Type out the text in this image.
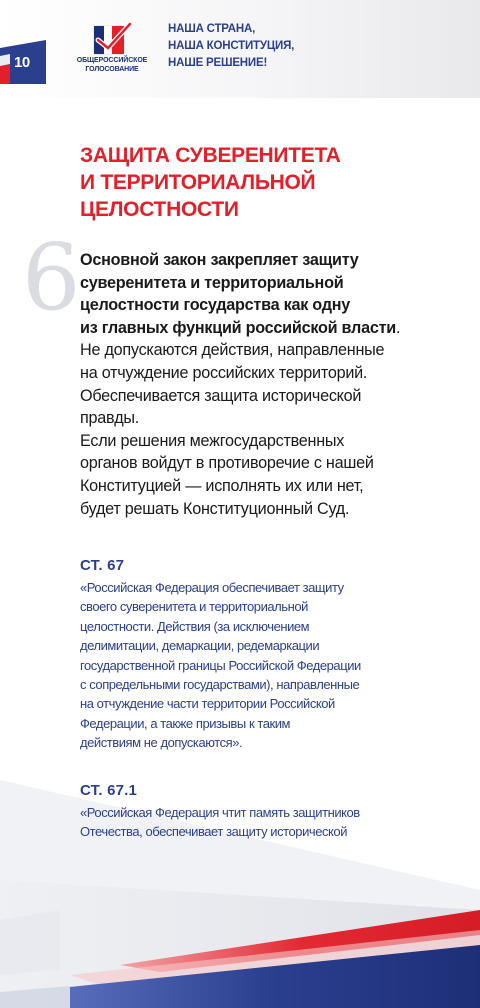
10	ОБЩЕРОССИЙСКОЕ
ГОЛОСОВАНИЕ
НАША СТРАНА,
НАША КОНСТИТУЦИЯ,
НАШЕ РЕШЕНИЕ!
ЗАЩИТА СУВЕРЕНИТЕТА
И ТЕРРИТОРИАЛЬНОЙ
ЦЕЛОСТНОСТИ
6 Основной закон закрепляет защиту
суверенитета и территориальной
целостности государства как одну
из главных функций российской власти.
Не допускаются действия, направленные
на отчуждение российских территорий.
Обеспечивается защита исторической
правды.
Если решения межгосударственных
органов войдут в противоречие с нашей
Конституцией — исполнять их или нет,
будет решать Конституционный Суд.
СТ. 67
«Российская Федерация обеспечивает защиту
своего суверенитета и территориальной
целостности. Действия (за исключением
делимитации, демаркации, редемаркации
государственной границы Российской Федерации
с сопредельными государствами), направленные
на отчуждение части территории Российской
Федерации, а также призывы к таким
действиям не допускаются».
СТ. 67.1
«Российская Федерация чтит память защитников
Отечества, обеспечивает защиту исторической
